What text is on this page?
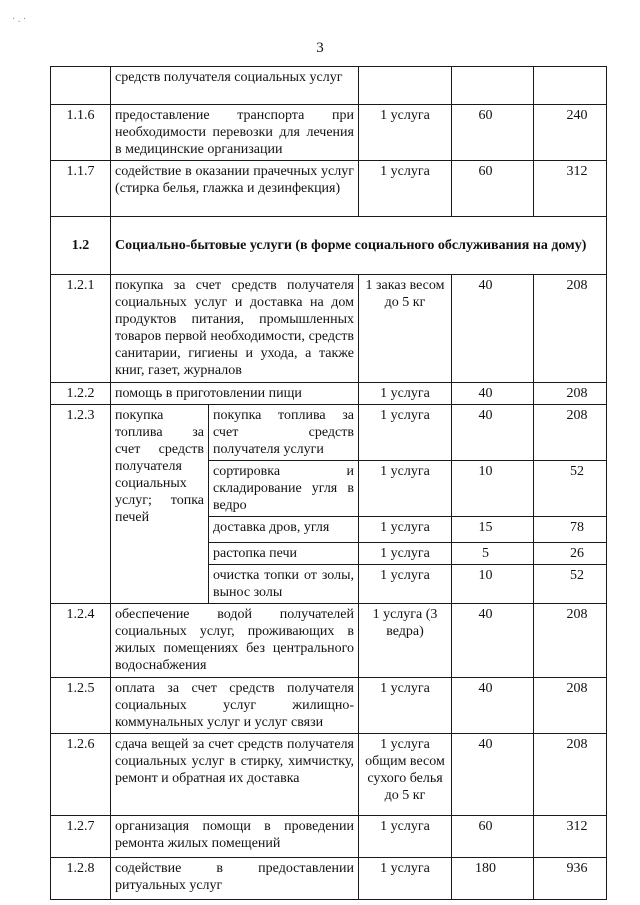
· . ·
3
	средств получателя социальных услуг				
1.1.6	предоставление транспорта при необходимости перевозки для лечения в медицинские организации		1 услуга	60	240
1.1.7	содействие в оказании прачечных услуг (стирка белья, глажка и дезинфекция)		1 услуга	60	312
1.2	Социально-бытовые услуги (в форме социального обслуживания на дому)				
1.2.1	покупка за счет средств получателя социальных услуг и доставка на дом продуктов питания, промышленных товаров первой необходимости, средств санитарии, гигиены и ухода, а также книг, газет, журналов		1 заказ весом до 5 кг	40	208
1.2.2	помощь в приготовлении пищи		1 услуга	40	208
1.2.3	покупка топлива за счет средств получателя социальных услуг; топка печей	покупка топлива за счет средств получателя услуги	1 услуга	40	208
		сортировка и складирование угля в ведро	1 услуга	10	52
		доставка дров, угля	1 услуга	15	78
		растопка печи	1 услуга	5	26
		очистка топки от золы, вынос золы	1 услуга	10	52
1.2.4	обеспечение водой получателей социальных услуг, проживающих в жилых помещениях без центрального водоснабжения		1 услуга (3 ведра)	40	208
1.2.5	оплата за счет средств получателя социальных услуг жилищно-коммунальных услуг и услуг связи		1 услуга	40	208
1.2.6	сдача вещей за счет средств получателя социальных услуг в стирку, химчистку, ремонт и обратная их доставка		1 услуга общим весом сухого белья до 5 кг	40	208
1.2.7	организация помощи в проведении ремонта жилых помещений		1 услуга	60	312
1.2.8	содействие в предоставлении ритуальных услуг		1 услуга	180	936
